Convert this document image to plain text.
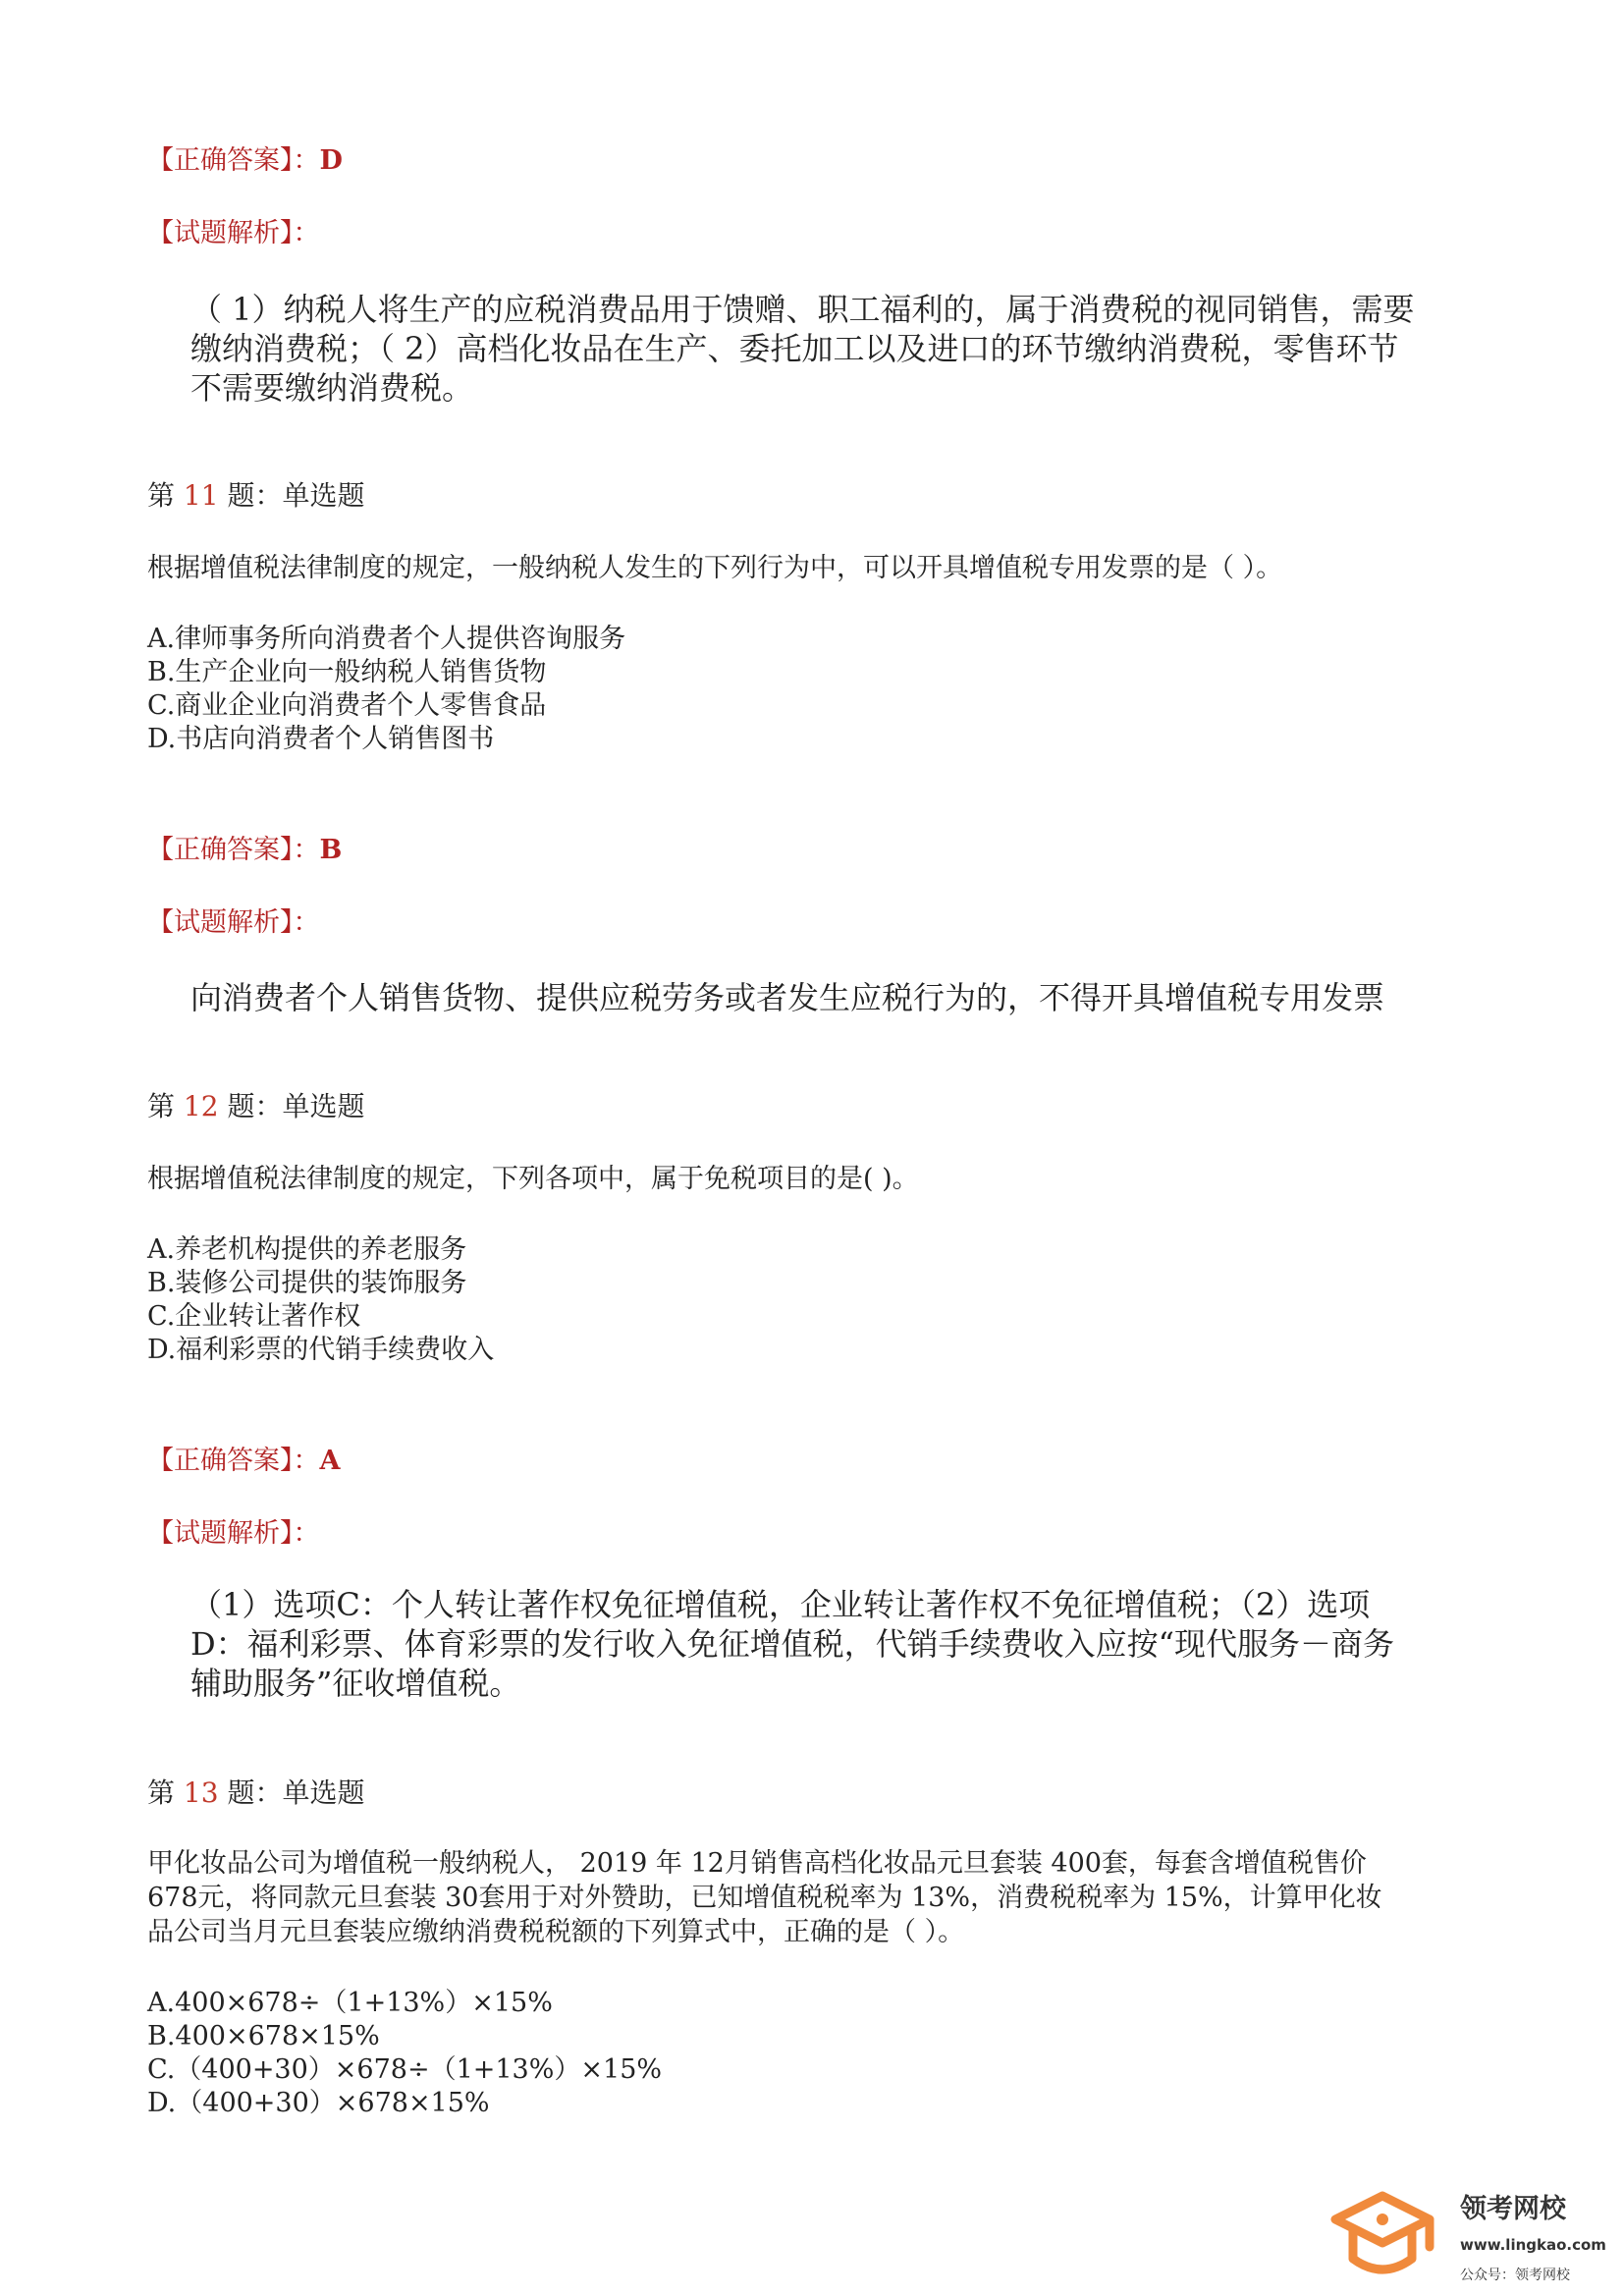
【正确答案】：D
【试题解析】：
（ 1）纳税人将生产的应税消费品用于馈赠、职工福利的，属于消费税的视同销售，需要
缴纳消费税；（ 2）高档化妆品在生产、委托加工以及进口的环节缴纳消费税，零售环节
不需要缴纳消费税。
第 11 题：单选题
根据增值税法律制度的规定，一般纳税人发生的下列行为中，可以开具增值税专用发票的是（ ）。
A.律师事务所向消费者个人提供咨询服务
B.生产企业向一般纳税人销售货物
C.商业企业向消费者个人零售食品
D.书店向消费者个人销售图书
【正确答案】：B
【试题解析】：
向消费者个人销售货物、提供应税劳务或者发生应税行为的，不得开具增值税专用发票
第 12 题：单选题
根据增值税法律制度的规定，下列各项中，属于免税项目的是( )。
A.养老机构提供的养老服务
B.装修公司提供的装饰服务
C.企业转让著作权
D.福利彩票的代销手续费收入
【正确答案】：A
【试题解析】：
（1）选项C：个人转让著作权免征增值税，企业转让著作权不免征增值税；（2）选项
D：福利彩票、体育彩票的发行收入免征增值税，代销手续费收入应按“现代服务－商务
辅助服务”征收增值税。
第 13 题：单选题
甲化妆品公司为增值税一般纳税人， 2019 年 12月销售高档化妆品元旦套装 400套，每套含增值税售价
678元，将同款元旦套装 30套用于对外赞助，已知增值税税率为 13%，消费税税率为 15%，计算甲化妆
品公司当月元旦套装应缴纳消费税税额的下列算式中，正确的是（ ）。
A.400×678÷（1+13%）×15%
B.400×678×15%
C.（400+30）×678÷（1+13%）×15%
D.（400+30）×678×15%
领考网校
www.lingkao.com
公众号：领考网校
